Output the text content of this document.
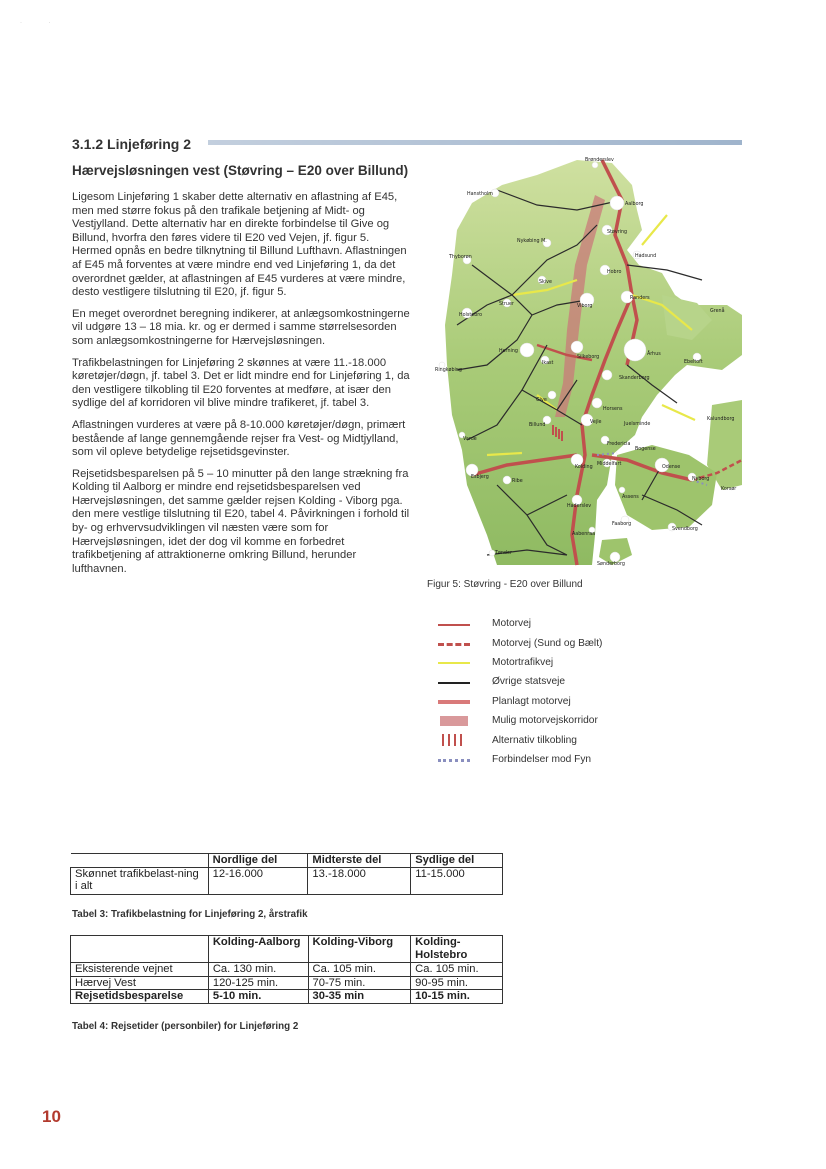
·                ·
3.1.2 Linjeføring 2
Hærvejsløsningen vest (Støvring – E20 over Billund)

Ligesom Linjeføring 1 skaber dette alternativ en aflastning af E45, men med større fokus på den trafikale betjening af Midt- og Vestjylland. Dette alternativ har en direkte forbindelse til Give og Billund, hvorfra den føres videre til E20 ved Vejen, jf. figur 5. Hermed opnås en bedre tilknytning til Billund Lufthavn. Aflastningen af E45 må forventes at være mindre end ved Linjeføring 1, da det overordnet gælder, at aflastningen af E45 vurderes at være mindre, desto vestligere tilslutning til E20, jf. figur 5.

En meget overordnet beregning indikerer, at anlægsomkostningerne vil udgøre 13 – 18 mia. kr. og er dermed i samme størrelsesorden som anlægsomkostningerne for Hærvejsløsningen.

Trafikbelastningen for Linjeføring 2 skønnes at være 11.-18.000 køretøjer/døgn, jf. tabel 3. Det er lidt mindre end for Linjeføring 1, da den vestligere tilkobling til E20 forventes at medføre, at især den sydlige del af korridoren vil blive mindre trafikeret, jf. tabel 3.

Aflastningen vurderes at være på 8-10.000 køretøjer/døgn, primært bestående af lange gennemgående rejser fra Vest- og Midtjylland, som vil opleve betydelige rejsetidsgevinster.

Rejsetidsbesparelsen på 5 – 10 minutter på den lange strækning fra Kolding til Aalborg er mindre end rejsetidsbesparelsen ved Hærvejsløsningen, det samme gælder rejsen Kolding - Viborg pga. den mere vestlige tilslutning til E20, tabel 4. Påvirkningen i forhold til by- og erhvervsudviklingen vil næsten være som for Hærvejsløsningen, idet der dog vil komme en forbedret trafikbetjening af attraktionerne omkring Billund, herunder lufthavnen.

Brønderslev
Hanstholm
Aalborg
Støvring
Nykøbing M.
Thyborøn	Hadsund
Hobro
Skive
Randers
Grenå
Struer
Holstebro
Viborg
Herning
Silkeborg
Århus
Ebeltoft
Ringkøbing
Ikast
Skanderborg
Give
Horsens
Kalundborg
Billund
Vejle	Juelsminde
Varde
Fredericia
Bogense
Esbjerg
Kolding
Middelfart
Odense
Nyborg
Korsør
Ribe
Assens
Haderslev
Faaborg
Svendborg
Aabenraa
Tønder
Sønderborg
Figur 5: Støvring - E20 over Billund
Motorvej
Motorvej (Sund og Bælt)
Motortrafikvej
Øvrige statsveje
Planlagt motorvej
Mulig motorvejskorridor
Alternativ tilkobling
Forbindelser mod Fyn
	Nordlige del	Midterste del	Sydlige del
Skønnet trafikbelast-ning i alt	12-16.000	13.-18.000	11-15.000
Tabel 3: Trafikbelastning for Linjeføring 2, årstrafik
	Kolding-Aalborg	Kolding-Viborg	Kolding-Holstebro
Eksisterende vejnet	Ca. 130 min.	Ca. 105 min.	Ca. 105 min.
Hærvej Vest	120-125 min.	70-75 min.	90-95 min.
Rejsetidsbesparelse	5-10 min.	30-35 min	10-15 min.
Tabel 4: Rejsetider (personbiler) for Linjeføring 2
10
